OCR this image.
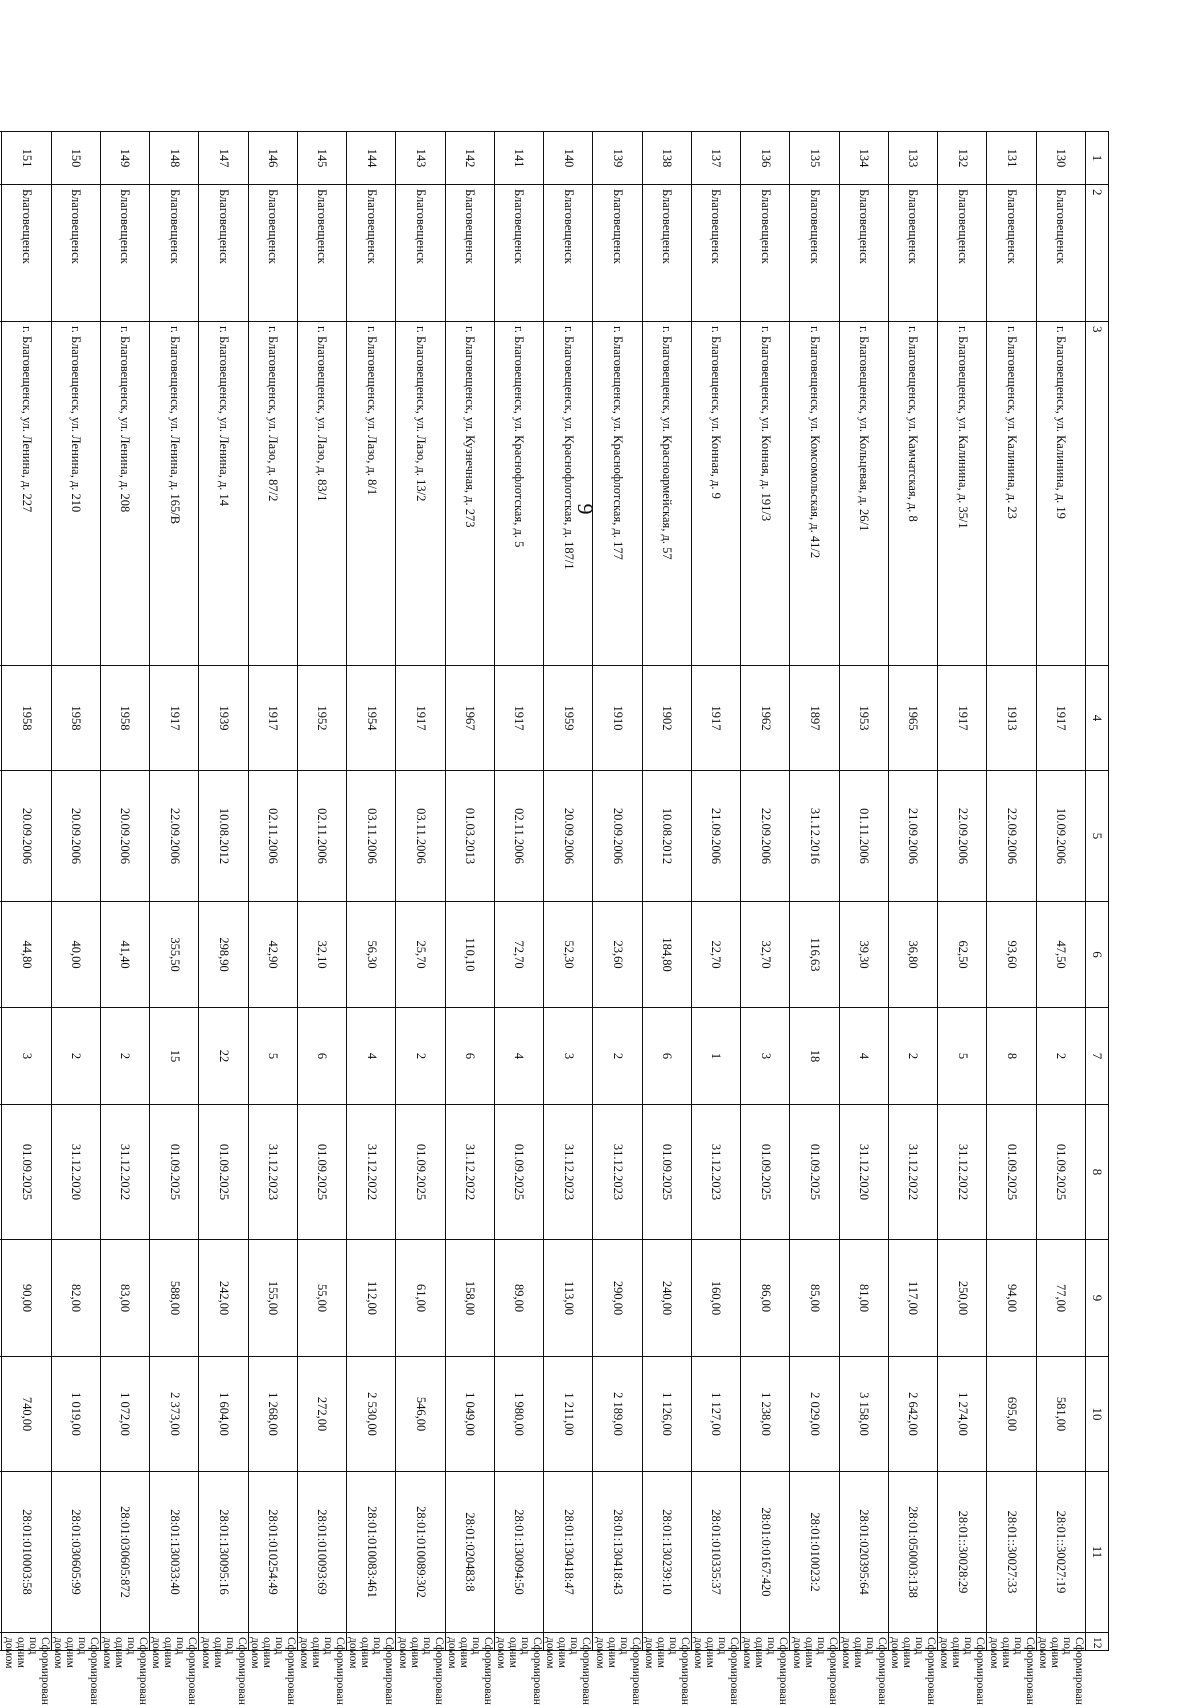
9
1	2	3	4	5	6	7	8	9	10	11	12
130	Благовещенск	г. Благовещенск, ул. Калинина, д. 19	1917	10.09.2006	47,50	2	01.09.2025	77,00	581,00	28:01::30027:19	Сформирован под одним домом
131	Благовещенск	г. Благовещенск, ул. Калинина, д. 23	1913	22.09.2006	93,60	8	01.09.2025	94,00	695,00	28:01::30027:33	Сформирован под одним домом
132	Благовещенск	г. Благовещенск, ул. Калинина, д. 35/1	1917	22.09.2006	62,50	5	31.12.2022	250,00	1 274,00	28:01::30028:29	Сформирован под одним домом
133	Благовещенск	г. Благовещенск, ул. Камчатская, д. 8	1965	21.09.2006	36,80	2	31.12.2022	117,00	2 642,00	28:01:050003:138	Сформирован под одним домом
134	Благовещенск	г. Благовещенск, ул. Кольцевая, д. 26/1	1953	01.11.2006	39,30	4	31.12.2020	81,00	3 158,00	28:01:020395:64	Сформирован под одним домом
135	Благовещенск	г. Благовещенск, ул. Комсомольская, д. 41/2	1897	31.12.2016	116,63	18	01.09.2025	85,00	2 029,00	28:01:010023:2	Сформирован под одним домом
136	Благовещенск	г. Благовещенск, ул. Конная, д. 191/3	1962	22.09.2006	32,70	3	01.09.2025	86,00	1 238,00	28:01:0:0167:420	Сформирован под одним домом
137	Благовещенск	г. Благовещенск, ул. Конная, д. 9	1917	21.09.2006	22,70	1	31.12.2023	160,00	1 127,00	28:01:010335:37	Сформирован под одним домом
138	Благовещенск	г. Благовещенск, ул. Красноармейская, д. 57	1902	10.08.2012	184,80	6	01.09.2025	240,00	1 126,00	28:01:130239:10	Сформирован под одним домом
139	Благовещенск	г. Благовещенск, ул. Краснофлотская, д. 177	1910	20.09.2006	23,60	2	31.12.2023	290,00	2 189,00	28:01:130418:43	Сформирован под одним домом
140	Благовещенск	г. Благовещенск, ул. Краснофлотская, д. 187/1	1959	20.09.2006	52,30	3	31.12.2023	113,00	1 211,00	28:01:130418:47	Сформирован под одним домом
141	Благовещенск	г. Благовещенск, ул. Краснофлотская, д. 5	1917	02.11.2006	72,70	4	01.09.2025	89,00	1 980,00	28:01:130094:50	Сформирован под одним домом
142	Благовещенск	г. Благовещенск, ул. Кузнечная, д. 273	1967	01.03.2013	110,10	6	31.12.2022	158,00	1 049,00	28:01:020483:8	Сформирован под одним домом
143	Благовещенск	г. Благовещенск, ул. Лазо, д. 13/2	1917	03.11.2006	25,70	2	01.09.2025	61,00	546,00	28:01:010089:302	Сформирован под одним домом
144	Благовещенск	г. Благовещенск, ул. Лазо, д. 8/1	1954	03.11.2006	56,30	4	31.12.2022	112,00	2 530,00	28:01:010083:461	Сформирован под одним домом
145	Благовещенск	г. Благовещенск, ул. Лазо, д. 83/1	1952	02.11.2006	32,10	6	01.09.2025	55,00	272,00	28:01:010093:69	Сформирован под одним домом
146	Благовещенск	г. Благовещенск, ул. Лазо, д. 87/2	1917	02.11.2006	42,90	5	31.12.2023	155,00	1 268,00	28:01:010254:49	Сформирован под одним домом
147	Благовещенск	г. Благовещенск, ул. Ленина, д. 14	1939	10.08.2012	298,90	22	01.09.2025	242,00	1 604,00	28:01:130095:16	Сформирован под одним домом
148	Благовещенск	г. Благовещенск, ул. Ленина, д. 165/В	1917	22.09.2006	355,50	15	01.09.2025	588,00	2 373,00	28:01:130033:40	Сформирован под одним домом
149	Благовещенск	г. Благовещенск, ул. Ленина, д. 208	1958	20.09.2006	41,40	2	31.12.2022	83,00	1 072,00	28:01:030605:872	Сформирован под одним домом
150	Благовещенск	г. Благовещенск, ул. Ленина, д. 210	1958	20.09.2006	40,00	2	31.12.2020	82,00	1 019,00	28:01:030605:99	Сформирован под одним домом
151	Благовещенск	г. Благовещенск, ул. Ленина, д. 227	1958	20.09.2006	44,80	3	01.09.2025	90,00	740,00	28:01:010003:58	Сформирован под одним домом
